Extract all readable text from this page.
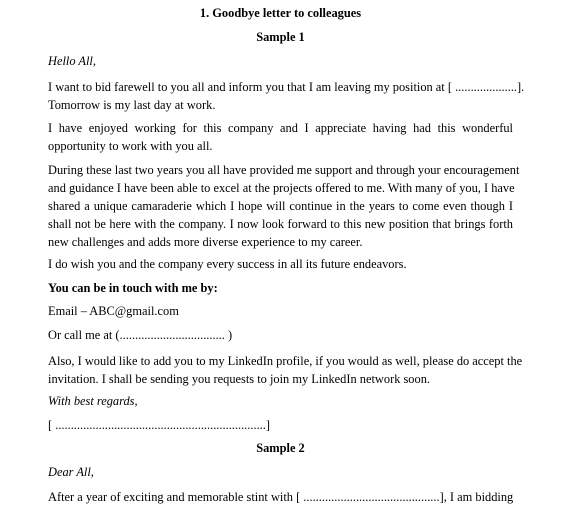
1. Goodbye letter to colleagues
Sample 1
Hello All,
I want to bid farewell to you all and inform you that I am leaving my position at [ ....................].
Tomorrow is my last day at work.
I have enjoyed working for this company and I appreciate having had this wonderful
opportunity to work with you all.
During these last two years you all have provided me support and through your encouragement
and guidance I have been able to excel at the projects offered to me. With many of you, I have
shared a unique camaraderie which I hope will continue in the years to come even though I
shall not be here with the company. I now look forward to this new position that brings forth
new challenges and adds more diverse experience to my career.
I do wish you and the company every success in all its future endeavors.
You can be in touch with me by:
Email – ABC@gmail.com
Or call me at (.................................. )
Also, I would like to add you to my LinkedIn profile, if you would as well, please do accept the
invitation. I shall be sending you requests to join my LinkedIn network soon.
With best regards,
[ ....................................................................]
Sample 2
Dear All,
After a year of exciting and memorable stint with [ ............................................], I am bidding
